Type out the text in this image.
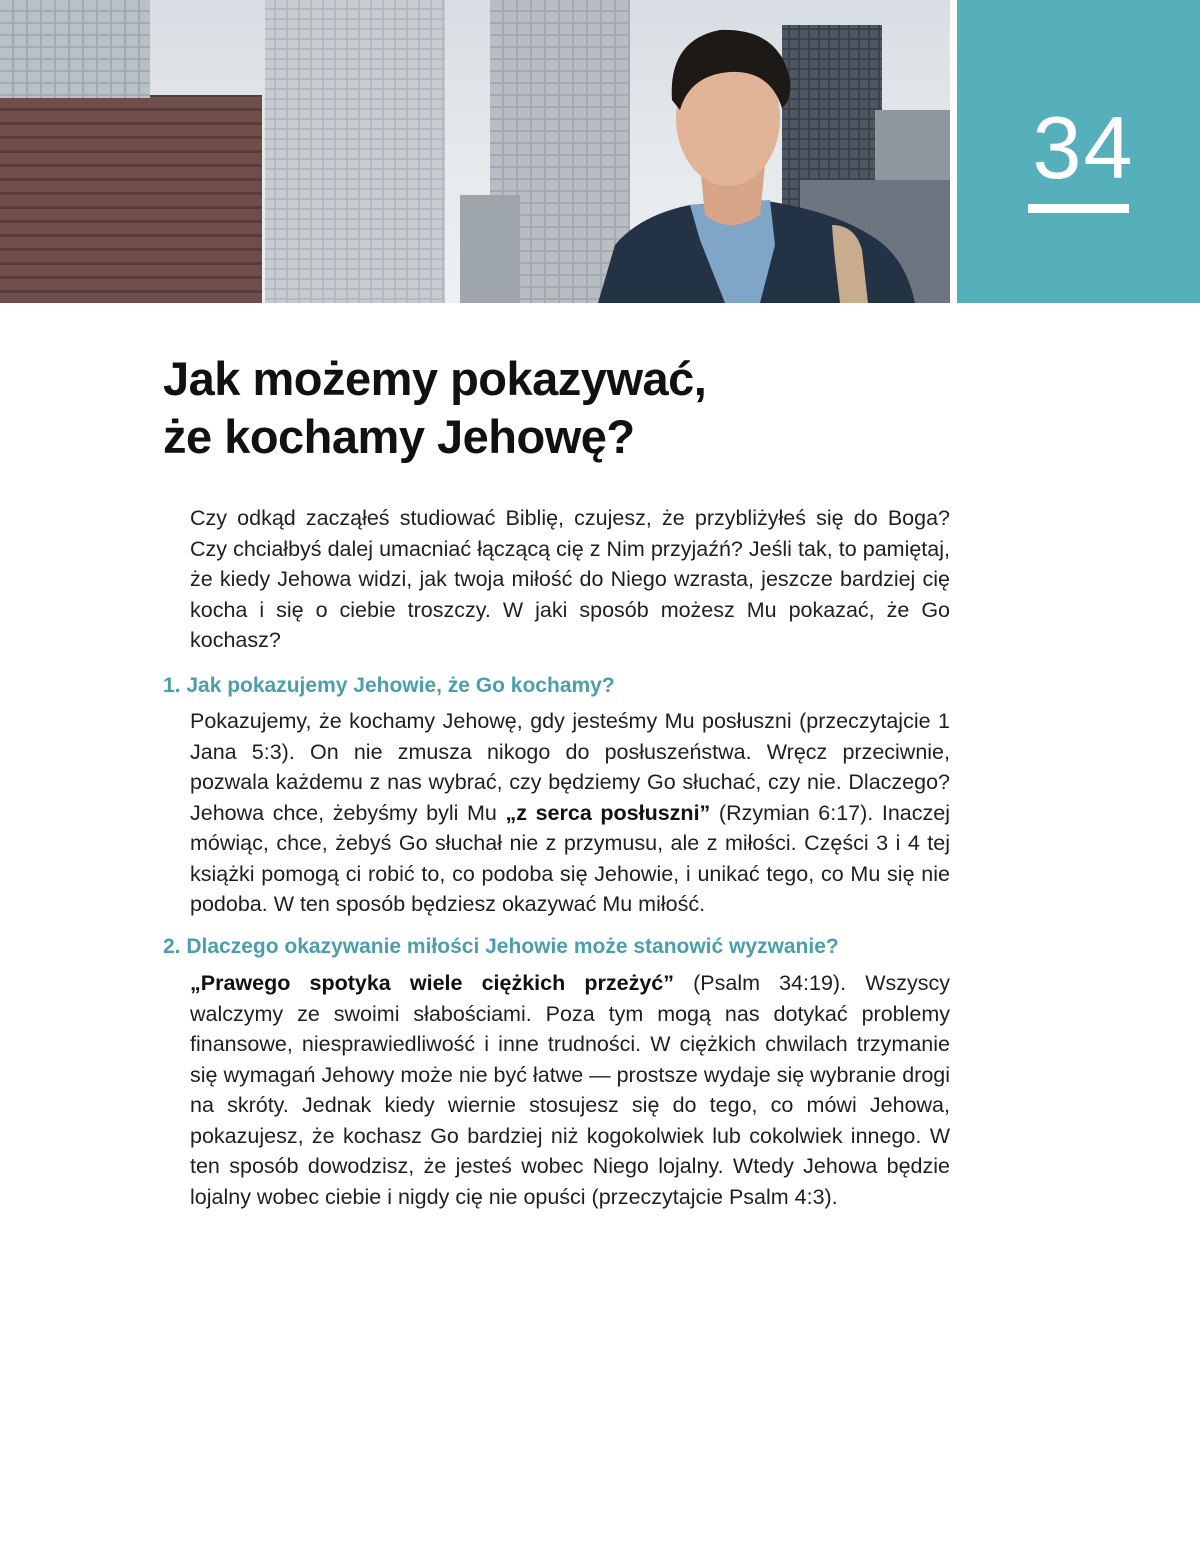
34
Jak możemy pokazywać,
że kochamy Jehowę?

Czy odkąd zacząłeś studiować Biblię, czujesz, że przybliżyłeś się do Boga? Czy chciałbyś dalej umacniać łączącą cię z Nim przyjaźń? Jeśli tak, to pamiętaj, że kiedy Jehowa widzi, jak twoja miłość do Niego wzrasta, jeszcze bardziej cię kocha i się o ciebie troszczy. W jaki sposób możesz Mu pokazać, że Go kochasz?

1. Jak pokazujemy Jehowie, że Go kochamy?

Pokazujemy, że kochamy Jehowę, gdy jesteśmy Mu posłuszni (przeczytajcie 1 Jana 5:3). On nie zmusza nikogo do posłuszeństwa. Wręcz przeciwnie, pozwala każdemu z nas wybrać, czy będziemy Go słuchać, czy nie. Dlaczego? Jehowa chce, żebyśmy byli Mu „z serca posłuszni” (Rzymian 6:17). Inaczej mówiąc, chce, żebyś Go słuchał nie z przymusu, ale z miłości. Części 3 i 4 tej książki pomogą ci robić to, co podoba się Jehowie, i unikać tego, co Mu się nie podoba. W ten sposób będziesz okazywać Mu miłość.

2. Dlaczego okazywanie miłości Jehowie może stanowić wyzwanie?

„Prawego spotyka wiele ciężkich przeżyć” (Psalm 34:19). Wszyscy walczymy ze swoimi słabościami. Poza tym mogą nas dotykać problemy finansowe, niesprawiedliwość i inne trudności. W ciężkich chwilach trzymanie się wymagań Jehowy może nie być łatwe — prostsze wydaje się wybranie drogi na skróty. Jednak kiedy wiernie stosujesz się do tego, co mówi Jehowa, pokazujesz, że kochasz Go bardziej niż kogokolwiek lub cokolwiek innego. W ten sposób dowodzisz, że jesteś wobec Niego lojalny. Wtedy Jehowa będzie lojalny wobec ciebie i nigdy cię nie opuści (przeczytajcie Psalm 4:3).
